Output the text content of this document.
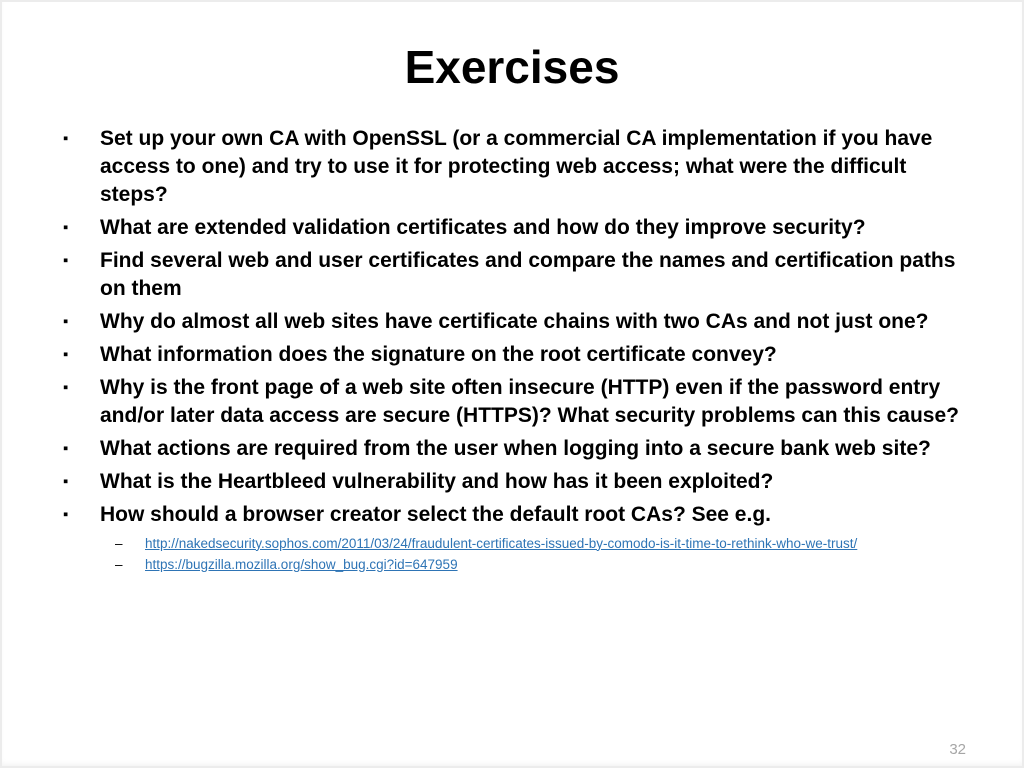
Exercises
▪	Set up your own CA with OpenSSL (or a commercial CA implementation if you have access to one) and try to use it for protecting web access; what were the difficult steps?
▪	What are extended validation certificates and how do they improve security?
▪	Find several web and user certificates and compare the names and certification paths on them
▪	Why do almost all web sites have certificate chains with two CAs and not just one?
▪	What information does the signature on the root certificate convey?
▪	Why is the front page of a web site often insecure (HTTP) even if the password entry and/or later data access are secure (HTTPS)? What security problems can this cause?
▪	What actions are required from the user when logging into a secure bank web site?
▪	What is the Heartbleed vulnerability and how has it been exploited?
▪	How should a browser creator select the default root CAs? See e.g.
–	http://nakedsecurity.sophos.com/2011/03/24/fraudulent-certificates-issued-by-comodo-is-it-time-to-rethink-who-we-trust/
–	https://bugzilla.mozilla.org/show_bug.cgi?id=647959
32
